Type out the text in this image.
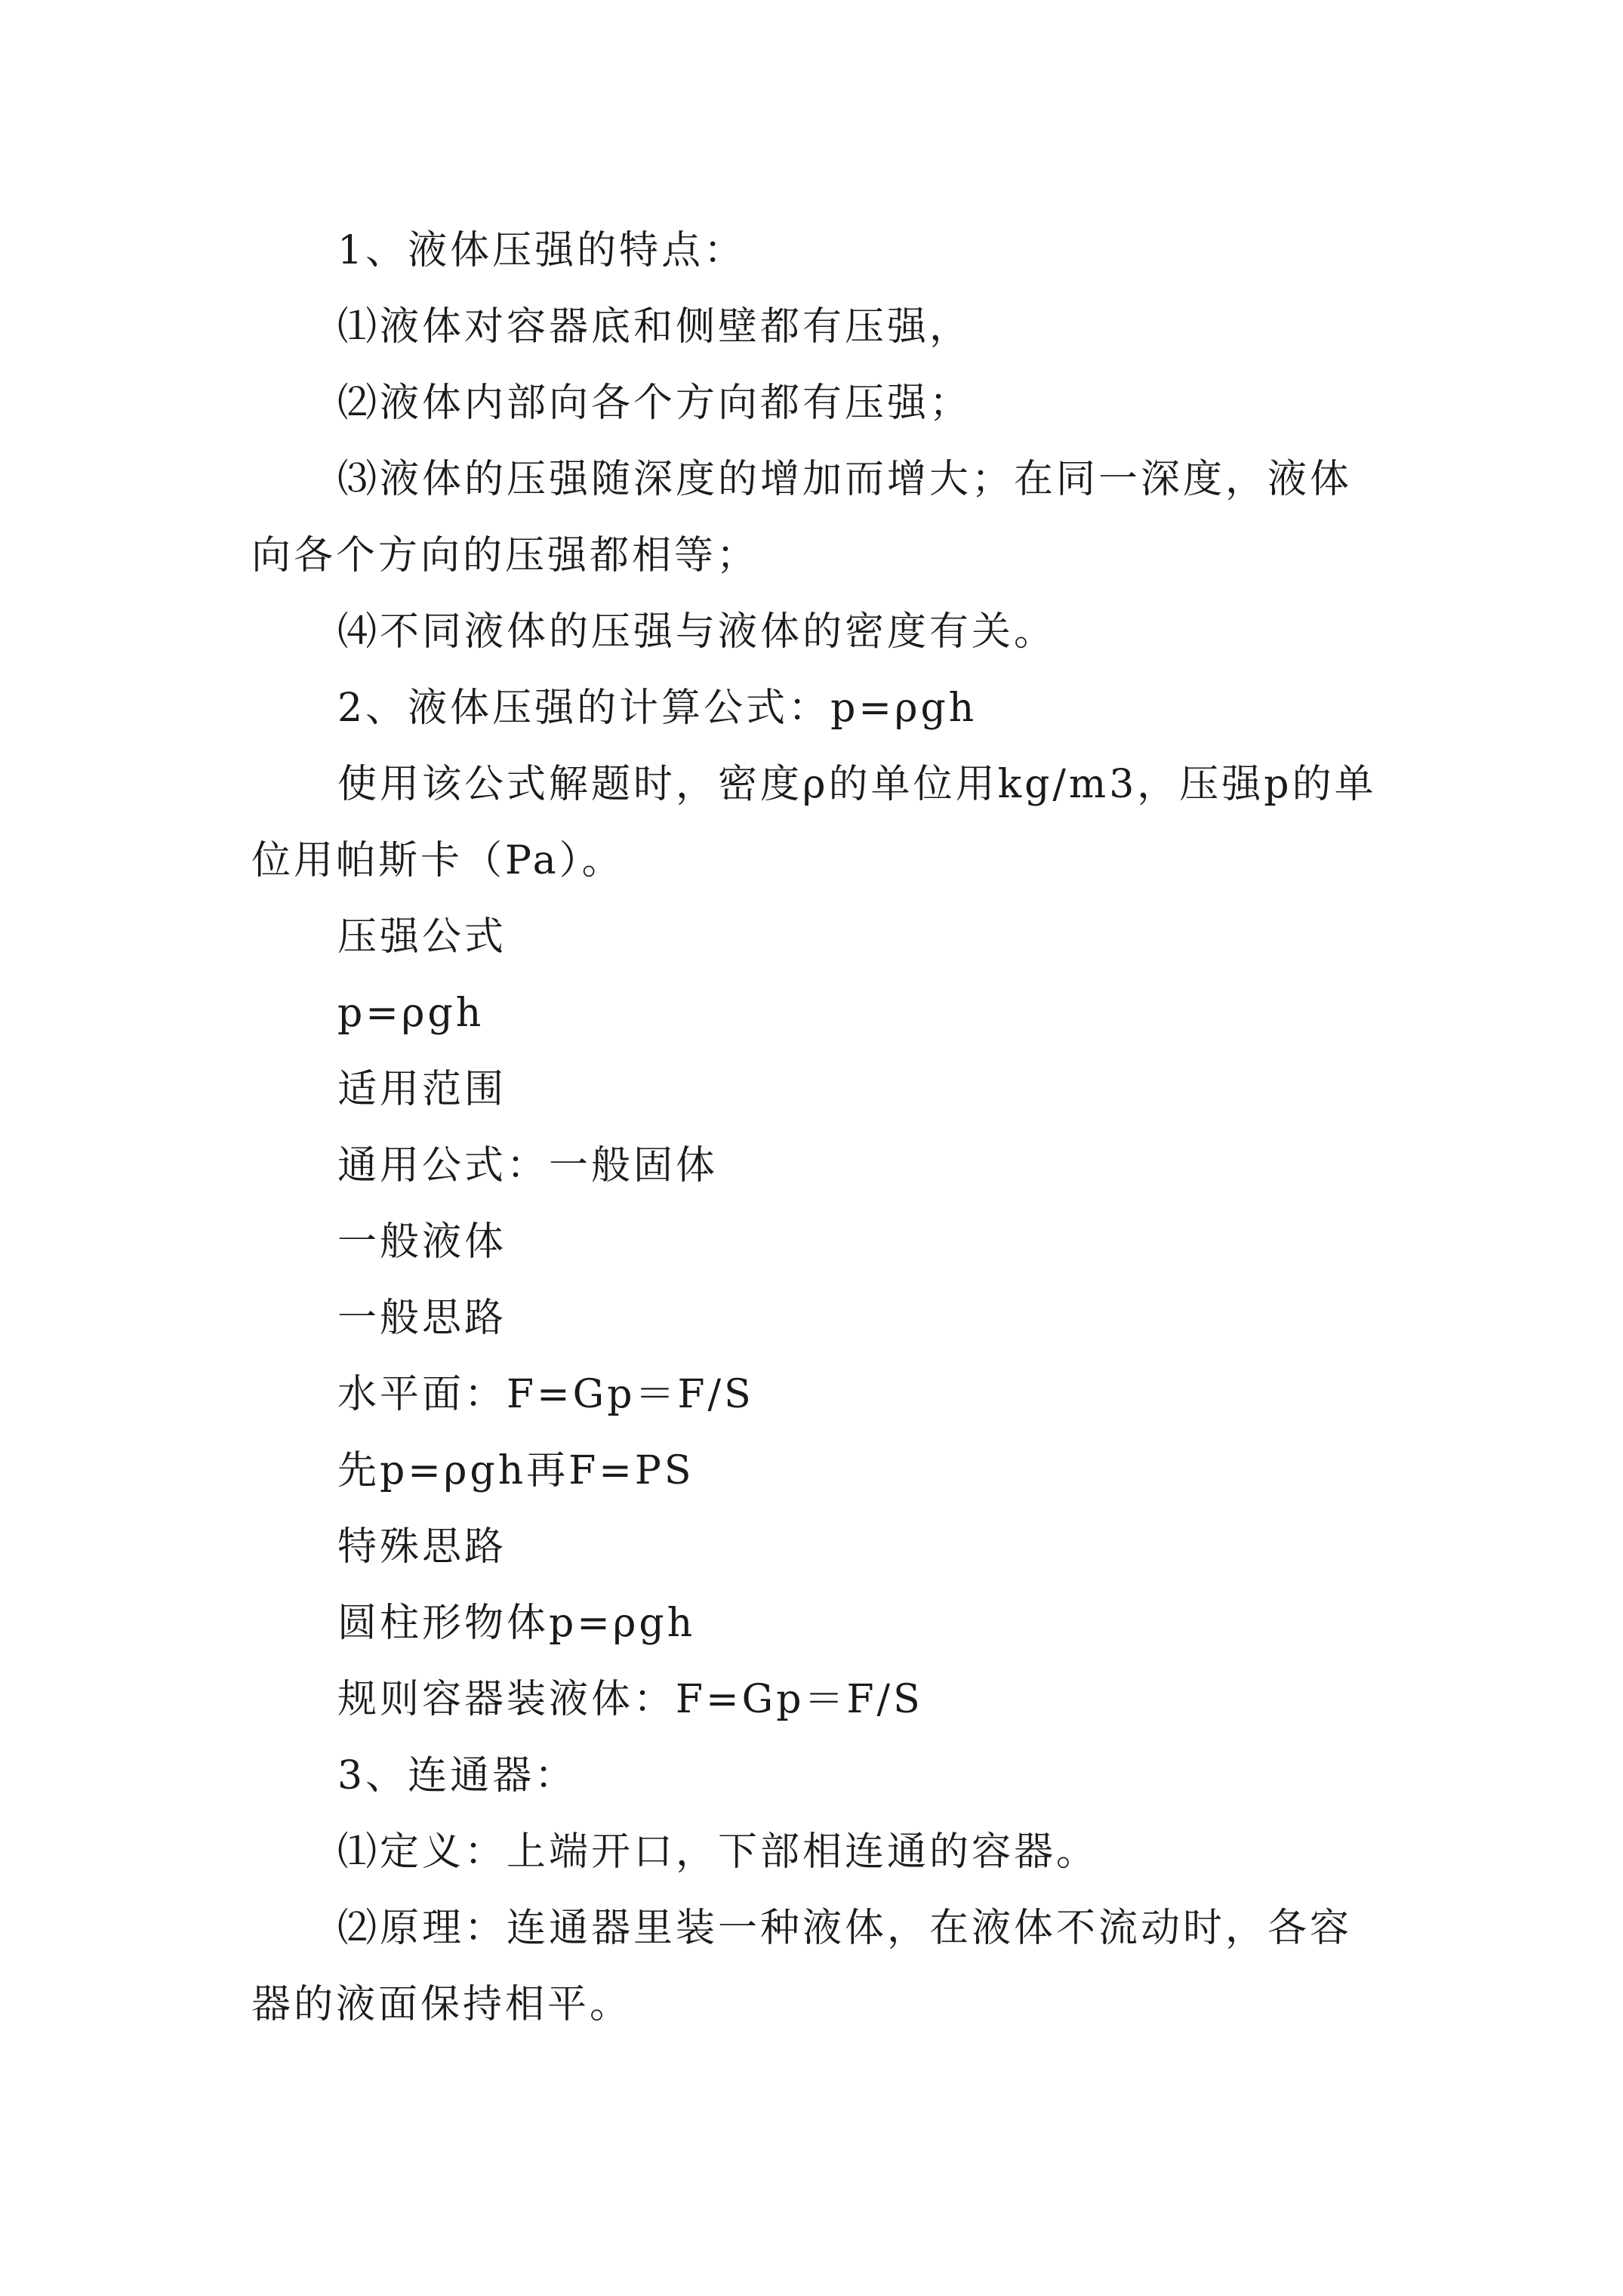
1、液体压强的特点：

⑴液体对容器底和侧壁都有压强，

⑵液体内部向各个方向都有压强；

⑶液体的压强随深度的增加而增大；在同一深度，液体向各个方向的压强都相等；

⑷不同液体的压强与液体的密度有关。

2、液体压强的计算公式：p=ρgh

使用该公式解题时，密度ρ的单位用kg/m3，压强p的单位用帕斯卡（Pa）。

压强公式

p=ρgh

适用范围

通用公式：一般固体

一般液体

一般思路

水平面：F=Gp＝F/S

先p=ρgh再F=PS

特殊思路

圆柱形物体p=ρgh

规则容器装液体：F=Gp＝F/S

3、连通器：

⑴定义：上端开口，下部相连通的容器。

⑵原理：连通器里装一种液体，在液体不流动时，各容器的液面保持相平。
